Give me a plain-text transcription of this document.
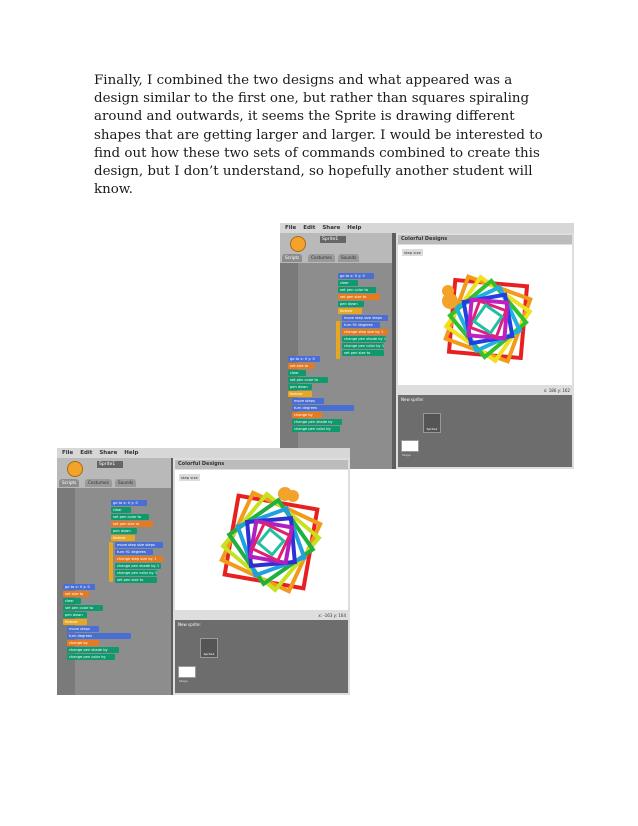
Finally, I combined the two designs and what appeared was a design similar to the first one, but rather than squares spiraling around and outwards, it seems the Sprite is drawing different shapes that are getting larger and larger. I would be interested to find out how these two sets of commands combined to create this design, but I don’t understand, so hopefully another student will know.

File Edit Share Help
Sprite1
Scripts	Costumes	Sounds
go to x: 0 y: 0
clear
set pen color to
set pen size to
pen down
forever
move step size steps
turn 91 degrees
change step size by 1
change pen shade by 1
change pen color by 1
set pen size to
go to x: 0 y: 0
set size to
clear
set pen color to
pen down
forever
move steps
turn degrees
change by
change pen shade by
change pen color by
Colorful Designs
step size
x: 186 y: 162
New sprite:
Sprite1
Stage
File Edit Share Help
Sprite1
Scripts	Costumes	Sounds
go to x: 0 y: 0
clear
set pen color to
set pen size to
pen down
forever
move step size steps
turn 91 degrees
change step size by 1
change pen shade by 1
change pen color by 1
set pen size to
go to x: 0 y: 0
set size to
clear
set pen color to
pen down
forever
move steps
turn degrees
change by
change pen shade by
change pen color by
Colorful Designs
step size
x: -163 y: 164
New sprite:
Sprite1
Stage
